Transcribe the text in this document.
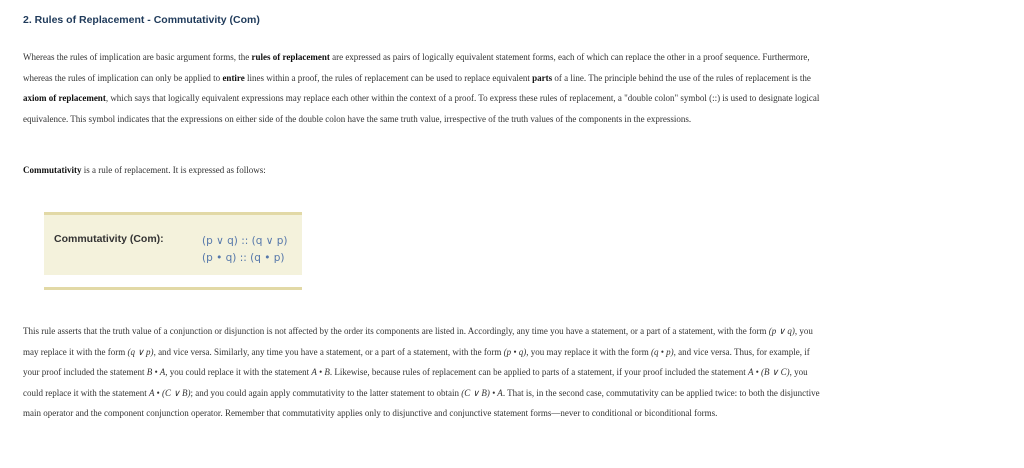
2. Rules of Replacement - Commutativity (Com)
Whereas the rules of implication are basic argument forms, the rules of replacement are expressed as pairs of logically equivalent statement forms, each of which can replace the other in a proof sequence. Furthermore, whereas the rules of implication can only be applied to entire lines within a proof, the rules of replacement can be used to replace equivalent parts of a line. The principle behind the use of the rules of replacement is the axiom of replacement, which says that logically equivalent expressions may replace each other within the context of a proof. To express these rules of replacement, a "double colon" symbol (::) is used to designate logical equivalence. This symbol indicates that the expressions on either side of the double colon have the same truth value, irrespective of the truth values of the components in the expressions.
Commutativity is a rule of replacement. It is expressed as follows:
Commutativity (Com):	(p ∨ q) :: (q ∨ p)
(p • q) :: (q • p)
This rule asserts that the truth value of a conjunction or disjunction is not affected by the order its components are listed in. Accordingly, any time you have a statement, or a part of a statement, with the form (p ∨ q), you may replace it with the form (q ∨ p), and vice versa. Similarly, any time you have a statement, or a part of a statement, with the form (p • q), you may replace it with the form (q • p), and vice versa. Thus, for example, if your proof included the statement B • A, you could replace it with the statement A • B. Likewise, because rules of replacement can be applied to parts of a statement, if your proof included the statement A • (B ∨ C), you could replace it with the statement A • (C ∨ B); and you could again apply commutativity to the latter statement to obtain (C ∨ B) • A. That is, in the second case, commutativity can be applied twice: to both the disjunctive main operator and the component conjunction operator. Remember that commutativity applies only to disjunctive and conjunctive statement forms—never to conditional or biconditional forms.
